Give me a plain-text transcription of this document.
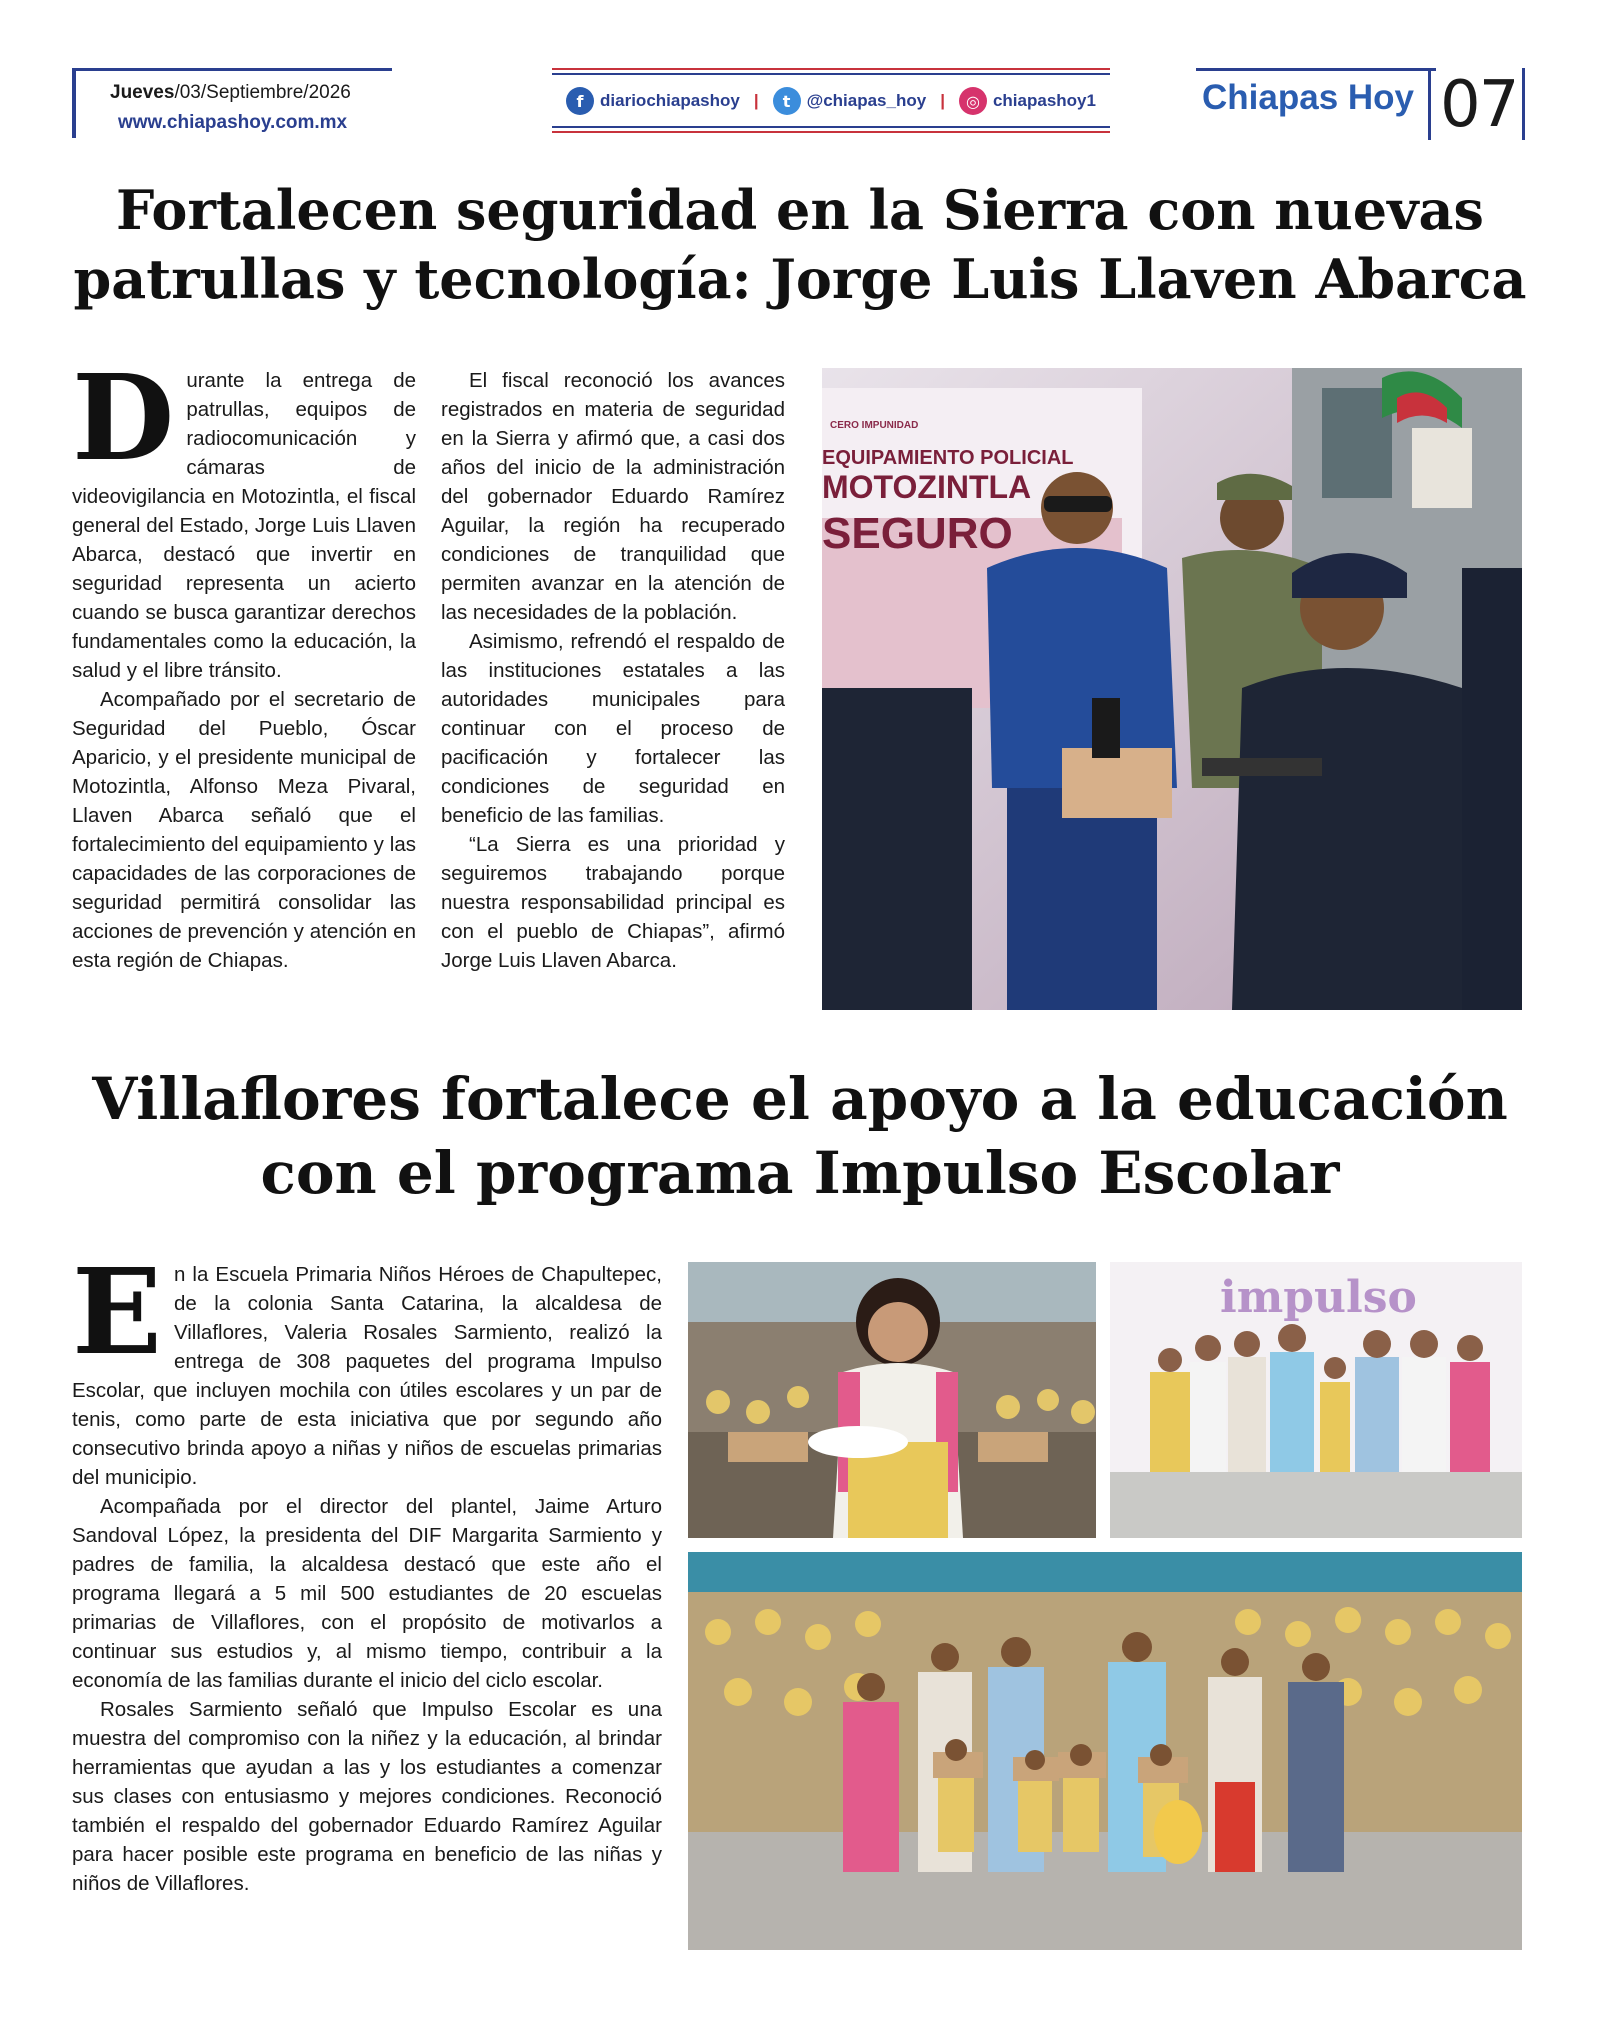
Jueves/03/Septiembre/2026
www.chiapashoy.com.mx
f diariochiapashoy |	t @chiapas_hoy |	◎ chiapashoy1	Chiapas Hoy 07
Fortalecen seguridad en la Sierra con nuevas
patrullas y tecnología: Jorge Luis Llaven Abarca

Durante la entrega de patrullas, equipos de radiocomunicación y cámaras de videovigilancia en Motozintla, el fiscal general del Estado, Jorge Luis Llaven Abarca, destacó que invertir en seguridad representa un acierto cuando se busca garantizar derechos fundamentales como la educación, la salud y el libre tránsito.

Acompañado por el secretario de Seguridad del Pueblo, Óscar Aparicio, y el presidente municipal de Motozintla, Alfonso Meza Pivaral, Llaven Abarca señaló que el fortalecimiento del equipamiento y las capacidades de las corporaciones de seguridad permitirá consolidar las acciones de prevención y atención en esta región de Chiapas.

El fiscal reconoció los avances registrados en materia de seguridad en la Sierra y afirmó que, a casi dos años del inicio de la administración del gobernador Eduardo Ramírez Aguilar, la región ha recuperado condiciones de tranquilidad que permiten avanzar en la atención de las necesidades de la población.

Asimismo, refrendó el respaldo de las instituciones estatales a las autoridades municipales para continuar con el proceso de pacificación y fortalecer las condiciones de seguridad en beneficio de las familias.

“La Sierra es una prioridad y seguiremos trabajando porque nuestra responsabilidad principal es con el pueblo de Chiapas”, afirmó Jorge Luis Llaven Abarca.

CERO IMPUNIDAD
EQUIPAMIENTO POLICIAL
MOTOZINTLA
SEGURO
Villaflores fortalece el apoyo a la educación
con el programa Impulso Escolar

En la Escuela Primaria Niños Héroes de Chapultepec, de la colonia Santa Catarina, la alcaldesa de Villaflores, Valeria Rosales Sarmiento, realizó la entrega de 308 paquetes del programa Impulso Escolar, que incluyen mochila con útiles escolares y un par de tenis, como parte de esta iniciativa que por segundo año consecutivo brinda apoyo a niñas y niños de escuelas primarias del municipio.

Acompañada por el director del plantel, Jaime Arturo Sandoval López, la presidenta del DIF Margarita Sarmiento y padres de familia, la alcaldesa destacó que este año el programa llegará a 5 mil 500 estudiantes de 20 escuelas primarias de Villaflores, con el propósito de motivarlos a continuar sus estudios y, al mismo tiempo, contribuir a la economía de las familias durante el inicio del ciclo escolar.

Rosales Sarmiento señaló que Impulso Escolar es una muestra del compromiso con la niñez y la educación, al brindar herramientas que ayudan a las y los estudiantes a comenzar sus clases con entusiasmo y mejores condiciones. Reconoció también el respaldo del gobernador Eduardo Ramírez Aguilar para hacer posible este programa en beneficio de las niñas y niños de Villaflores.

impulso
